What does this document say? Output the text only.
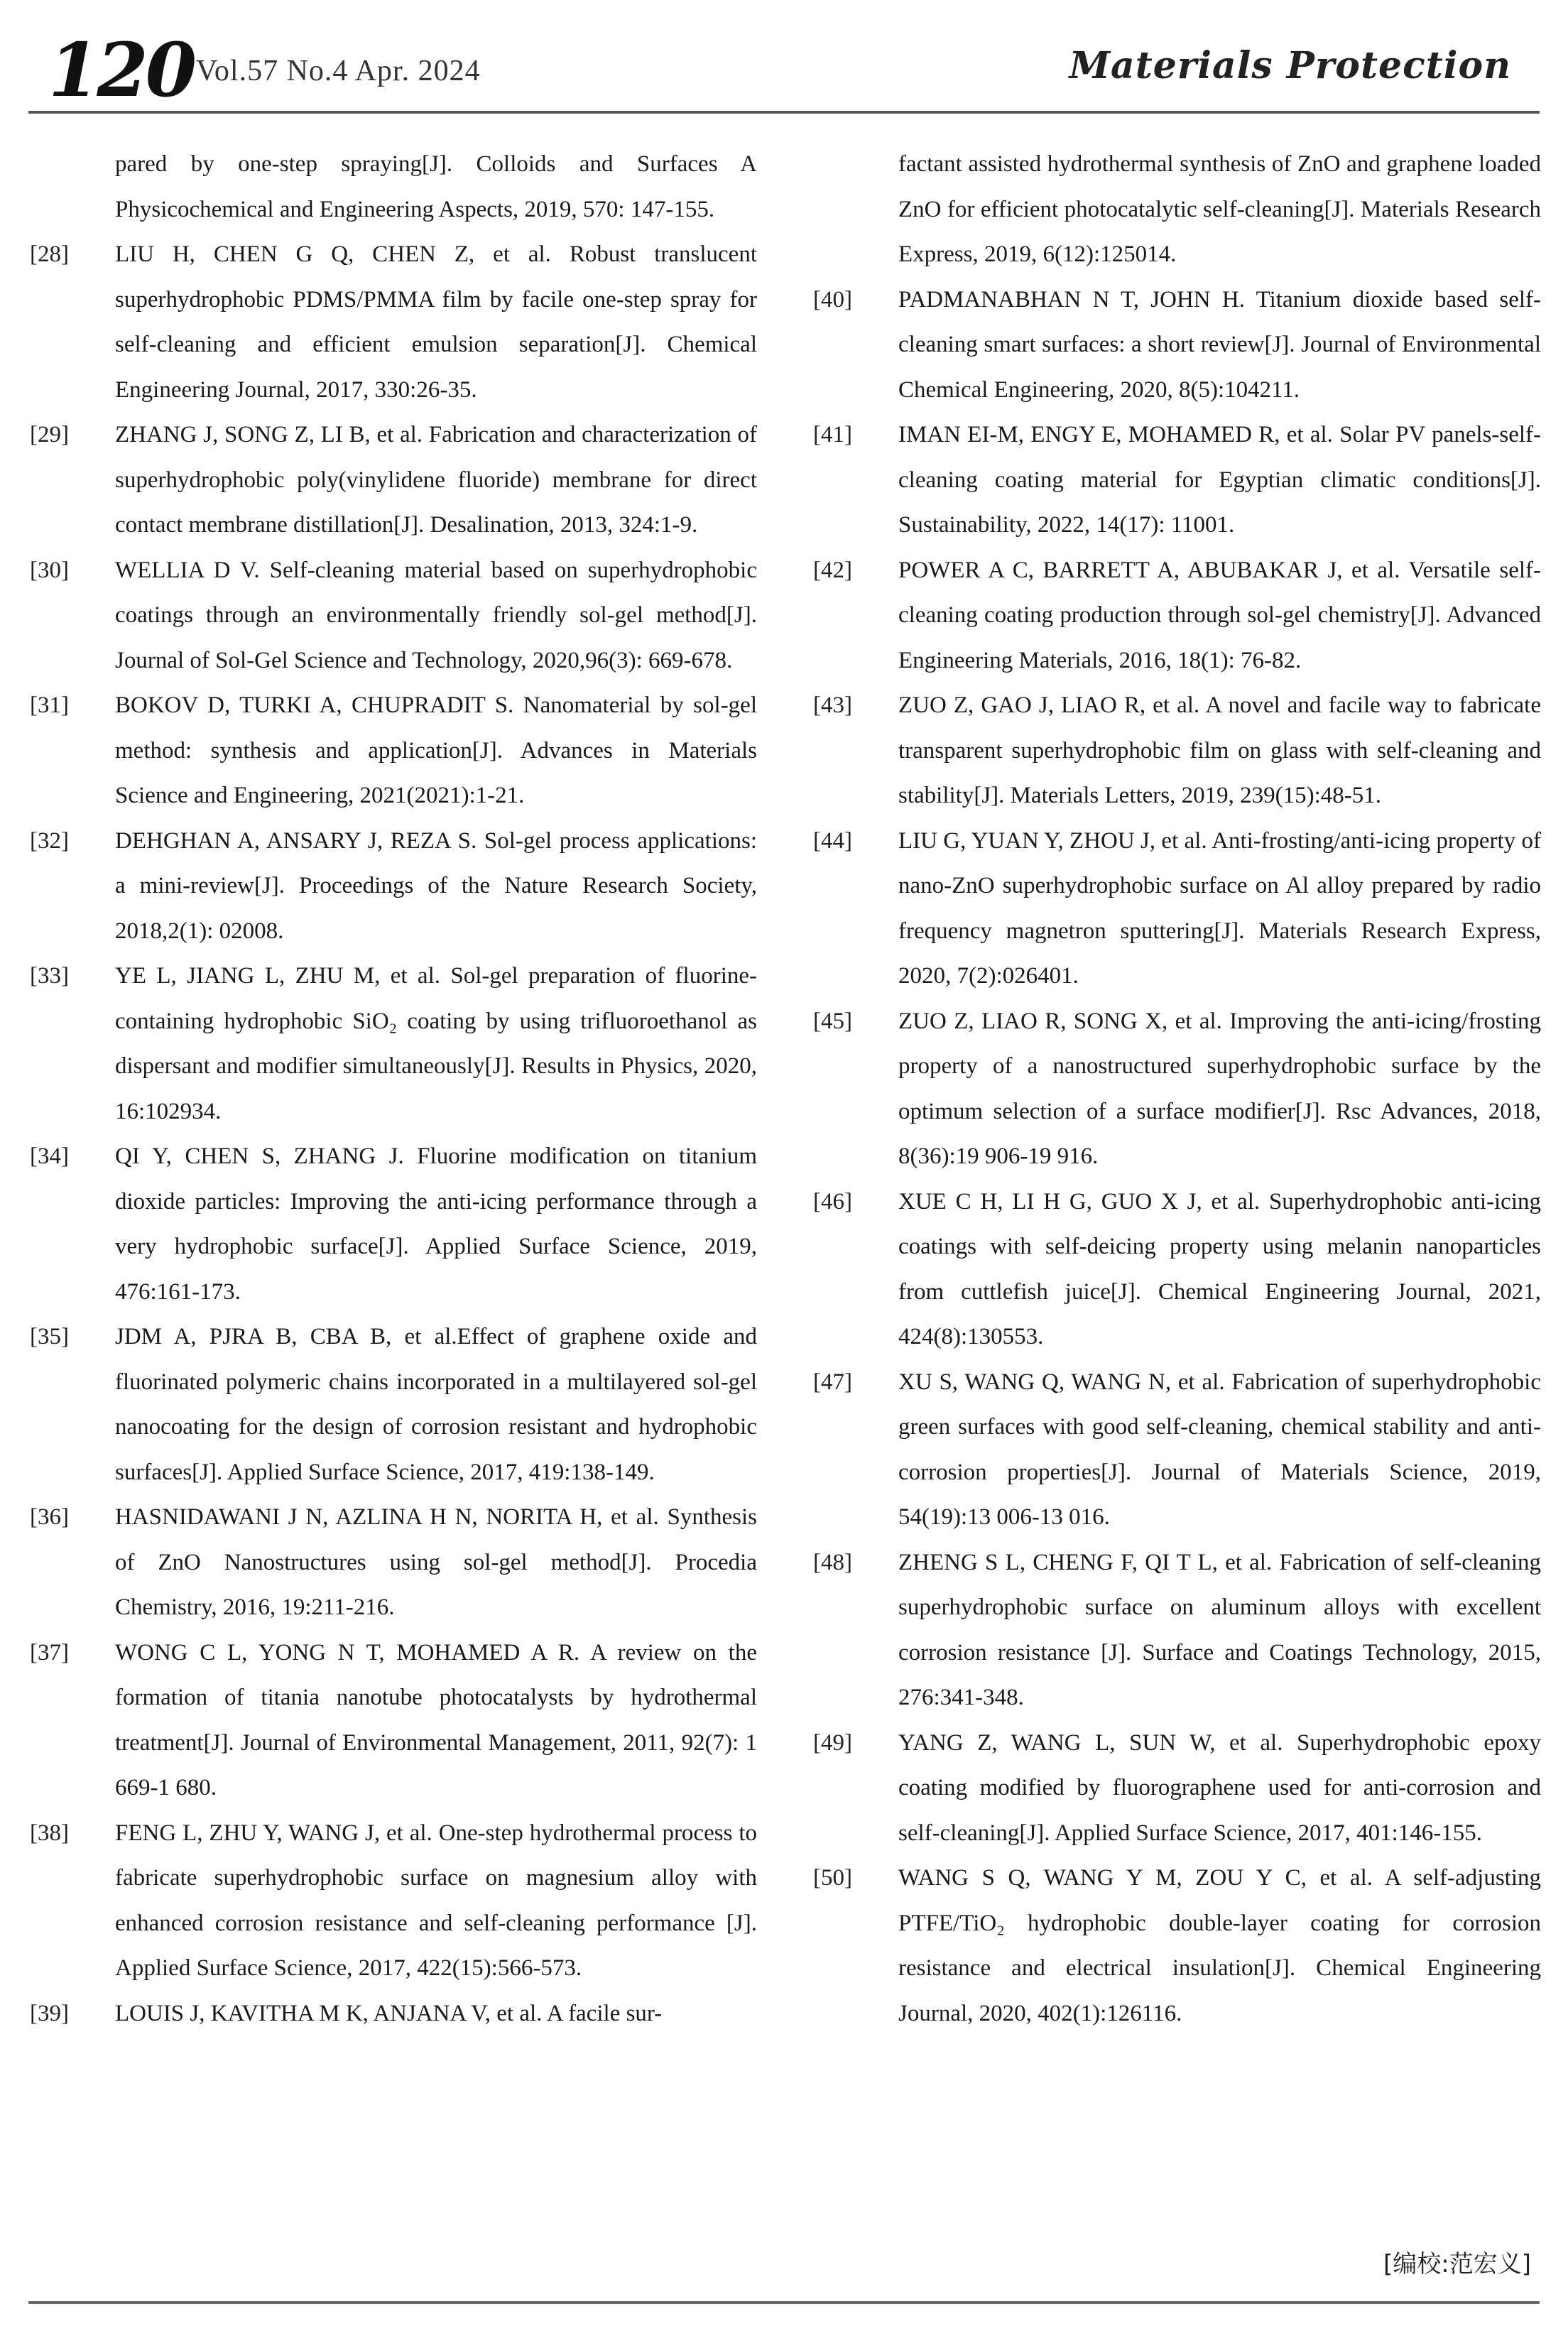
120 Vol.57 No.4 Apr. 2024	Materials Protection

pared by one-step spraying[J]. Colloids and Surfaces A Physicochemical and Engineering Aspects, 2019, 570: 147-155.

[28]	LIU H, CHEN G Q, CHEN Z, et al. Robust translucent superhydrophobic PDMS/PMMA film by facile one-step spray for self-cleaning and efficient emulsion separation[J]. Chemical Engineering Journal, 2017, 330:26-35.
[29]	ZHANG J, SONG Z, LI B, et al. Fabrication and characterization of superhydrophobic poly(vinylidene fluoride) membrane for direct contact membrane distillation[J]. Desalination, 2013, 324:1-9.
[30]	WELLIA D V. Self-cleaning material based on superhydrophobic coatings through an environmentally friendly sol-gel method[J]. Journal of Sol-Gel Science and Technology, 2020,96(3): 669-678.
[31]	BOKOV D, TURKI A, CHUPRADIT S. Nanomaterial by sol-gel method: synthesis and application[J]. Advances in Materials Science and Engineering, 2021(2021):1-21.
[32]	DEHGHAN A, ANSARY J, REZA S. Sol-gel process applications: a mini-review[J]. Proceedings of the Nature Research Society, 2018,2(1): 02008.
[33]	YE L, JIANG L, ZHU M, et al. Sol-gel preparation of fluorine-containing hydrophobic SiO₂ coating by using trifluoroethanol as dispersant and modifier simultaneously[J]. Results in Physics, 2020, 16:102934.
[34]	QI Y, CHEN S, ZHANG J. Fluorine modification on titanium dioxide particles: Improving the anti-icing performance through a very hydrophobic surface[J]. Applied Surface Science, 2019, 476:161-173.
[35]	JDM A, PJRA B, CBA B, et al.Effect of graphene oxide and fluorinated polymeric chains incorporated in a multilayered sol-gel nanocoating for the design of corrosion resistant and hydrophobic surfaces[J]. Applied Surface Science, 2017, 419:138-149.
[36]	HASNIDAWANI J N, AZLINA H N, NORITA H, et al. Synthesis of ZnO Nanostructures using sol-gel method[J]. Procedia Chemistry, 2016, 19:211-216.
[37]	WONG C L, YONG N T, MOHAMED A R. A review on the formation of titania nanotube photocatalysts by hydrothermal treatment[J]. Journal of Environmental Management, 2011, 92(7): 1 669-1 680.
[38]	FENG L, ZHU Y, WANG J, et al. One-step hydrothermal process to fabricate superhydrophobic surface on magnesium alloy with enhanced corrosion resistance and self-cleaning performance [J]. Applied Surface Science, 2017, 422(15):566-573.
[39]	LOUIS J, KAVITHA M K, ANJANA V, et al. A facile sur-

factant assisted hydrothermal synthesis of ZnO and graphene loaded ZnO for efficient photocatalytic self-cleaning[J]. Materials Research Express, 2019, 6(12):125014.

[40]	PADMANABHAN N T, JOHN H. Titanium dioxide based self-cleaning smart surfaces: a short review[J]. Journal of Environmental Chemical Engineering, 2020, 8(5):104211.
[41]	IMAN EI-M, ENGY E, MOHAMED R, et al. Solar PV panels-self-cleaning coating material for Egyptian climatic conditions[J]. Sustainability, 2022, 14(17): 11001.
[42]	POWER A C, BARRETT A, ABUBAKAR J, et al. Versatile self-cleaning coating production through sol-gel chemistry[J]. Advanced Engineering Materials, 2016, 18(1): 76-82.
[43]	ZUO Z, GAO J, LIAO R, et al. A novel and facile way to fabricate transparent superhydrophobic film on glass with self-cleaning and stability[J]. Materials Letters, 2019, 239(15):48-51.
[44]	LIU G, YUAN Y, ZHOU J, et al. Anti-frosting/anti-icing property of nano-ZnO superhydrophobic surface on Al alloy prepared by radio frequency magnetron sputtering[J]. Materials Research Express, 2020, 7(2):026401.
[45]	ZUO Z, LIAO R, SONG X, et al. Improving the anti-icing/frosting property of a nanostructured superhydrophobic surface by the optimum selection of a surface modifier[J]. Rsc Advances, 2018, 8(36):19 906-19 916.
[46]	XUE C H, LI H G, GUO X J, et al. Superhydrophobic anti-icing coatings with self-deicing property using melanin nanoparticles from cuttlefish juice[J]. Chemical Engineering Journal, 2021, 424(8):130553.
[47]	XU S, WANG Q, WANG N, et al. Fabrication of superhydrophobic green surfaces with good self-cleaning, chemical stability and anti-corrosion properties[J]. Journal of Materials Science, 2019, 54(19):13 006-13 016.
[48]	ZHENG S L, CHENG F, QI T L, et al. Fabrication of self-cleaning superhydrophobic surface on aluminum alloys with excellent corrosion resistance [J]. Surface and Coatings Technology, 2015, 276:341-348.
[49]	YANG Z, WANG L, SUN W, et al. Superhydrophobic epoxy coating modified by fluorographene used for anti-corrosion and self-cleaning[J]. Applied Surface Science, 2017, 401:146-155.
[50]	WANG S Q, WANG Y M, ZOU Y C, et al. A self-adjusting PTFE/TiO₂ hydrophobic double-layer coating for corrosion resistance and electrical insulation[J]. Chemical Engineering Journal, 2020, 402(1):126116.
[编校:范宏义]
